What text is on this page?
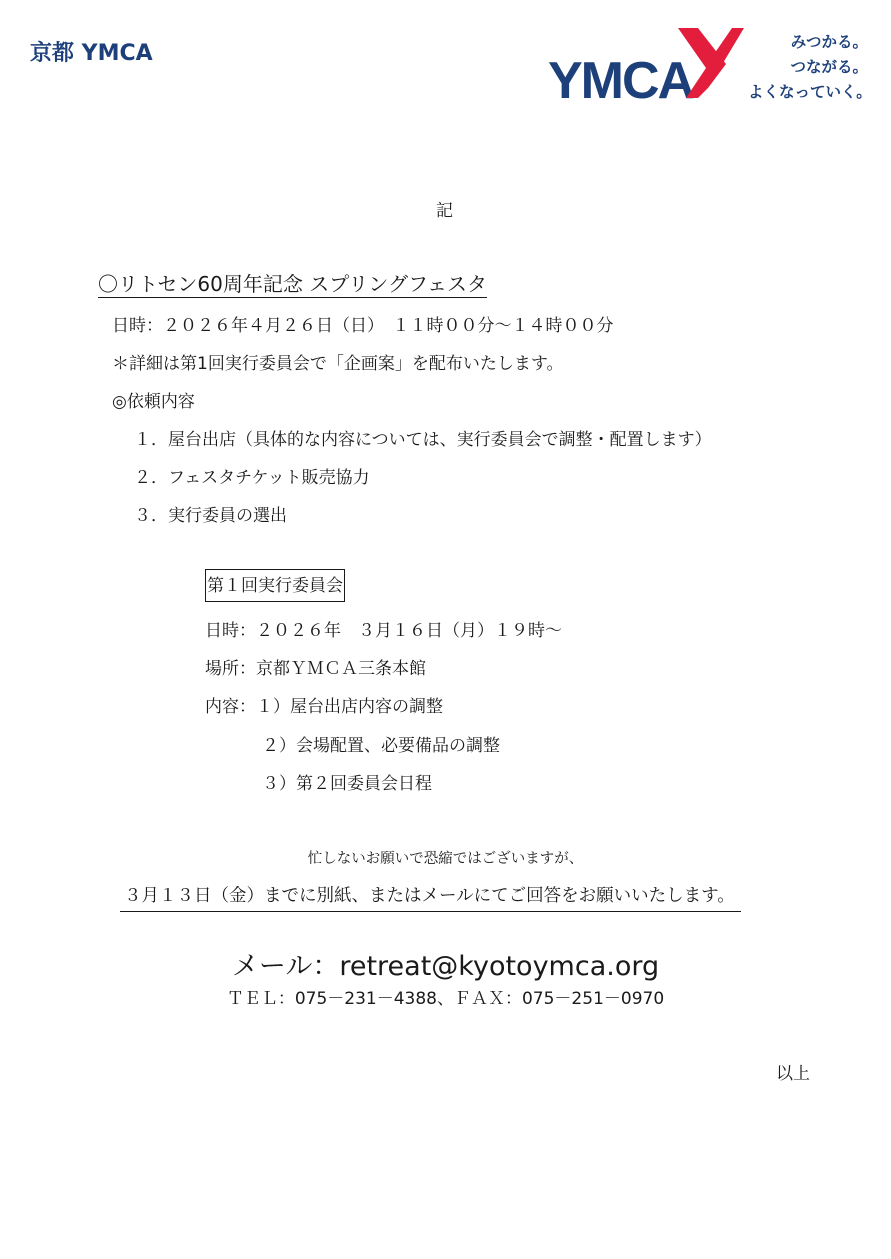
京都 YMCA	YMCA
みつかる。
つながる。
よくなっていく。
記
〇リトセン60周年記念 スプリングフェスタ
日時：２０２６年４月２６日（日）　１１時００分～１４時００分
＊詳細は第1回実行委員会で「企画案」を配布いたします。
◎依頼内容
１．屋台出店（具体的な内容については、実行委員会で調整・配置します）
２．フェスタチケット販売協力
３．実行委員の選出
第１回実行委員会
日時：２０２６年　３月１６日（月）１９時～
場所：京都ＹＭＣＡ三条本館
内容：１）屋台出店内容の調整
２）会場配置、必要備品の調整
３）第２回委員会日程
忙しないお願いで恐縮ではございますが、
３月１３日（金）までに別紙、またはメールにてご回答をお願いいたします。
メール：retreat@kyotoymca.org
ＴＥＬ：075－231－4388、ＦＡＸ：075－251－0970
以上
